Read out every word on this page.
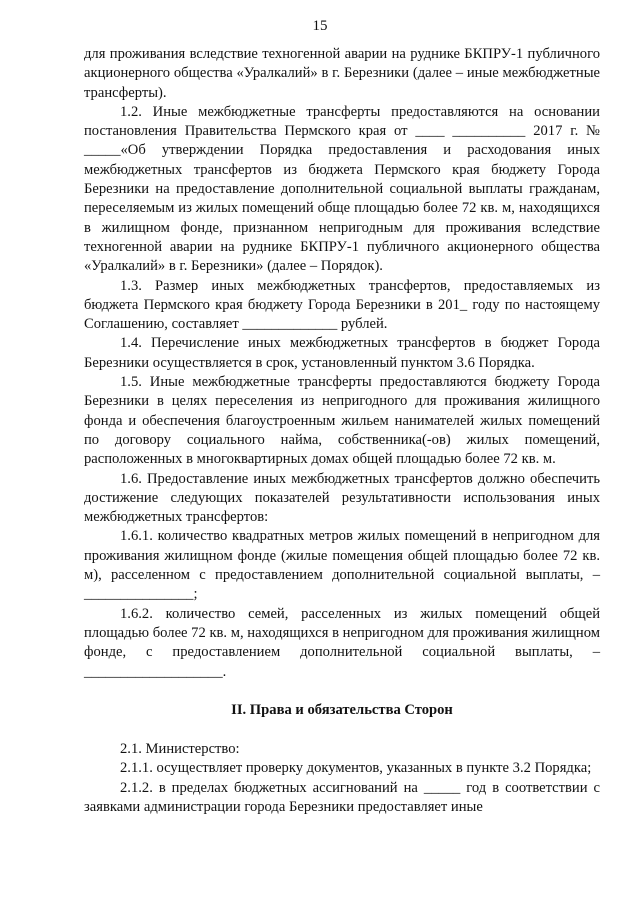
15

для проживания вследствие техногенной аварии на руднике БКПРУ-1 публичного акционерного общества «Уралкалий» в г. Березники (далее – иные межбюджетные трансферты).

1.2. Иные межбюджетные трансферты предоставляются на основании постановления Правительства Пермского края от ____ __________ 2017 г. № _____«Об утверждении Порядка предоставления и расходования иных межбюджетных трансфертов из бюджета Пермского края бюджету Города Березники на предоставление дополнительной социальной выплаты гражданам, переселяемым из жилых помещений обще площадью более 72 кв. м, находящихся в жилищном фонде, признанном непригодным для проживания вследствие техногенной аварии на руднике БКПРУ-1 публичного акционерного общества «Уралкалий» в г. Березники» (далее – Порядок).

1.3. Размер иных межбюджетных трансфертов, предоставляемых из бюджета Пермского края бюджету Города Березники в 201_ году по настоящему Соглашению, составляет _____________ рублей.

1.4. Перечисление иных межбюджетных трансфертов в бюджет Города Березники осуществляется в срок, установленный пунктом 3.6 Порядка.

1.5. Иные межбюджетные трансферты предоставляются бюджету Города Березники в целях переселения из непригодного для проживания жилищного фонда и обеспечения благоустроенным жильем нанимателей жилых помещений по договору социального найма, собственника(-ов) жилых помещений, расположенных в многоквартирных домах общей площадью более 72 кв. м.

1.6. Предоставление иных межбюджетных трансфертов должно обеспечить достижение следующих показателей результативности использования иных межбюджетных трансфертов:

1.6.1. количество квадратных метров жилых помещений в непригодном для проживания жилищном фонде (жилые помещения общей площадью более 72 кв. м), расселенном с предоставлением дополнительной социальной выплаты, – _______________;

1.6.2. количество семей, расселенных из жилых помещений общей площадью более 72 кв. м, находящихся в непригодном для проживания жилищном фонде, с предоставлением дополнительной социальной выплаты, – ___________________.

II. Права и обязательства Сторон

2.1. Министерство:

2.1.1. осуществляет проверку документов, указанных в пункте 3.2 Порядка;

2.1.2. в пределах бюджетных ассигнований на _____ год в соответствии с заявками администрации города Березники предоставляет иные
